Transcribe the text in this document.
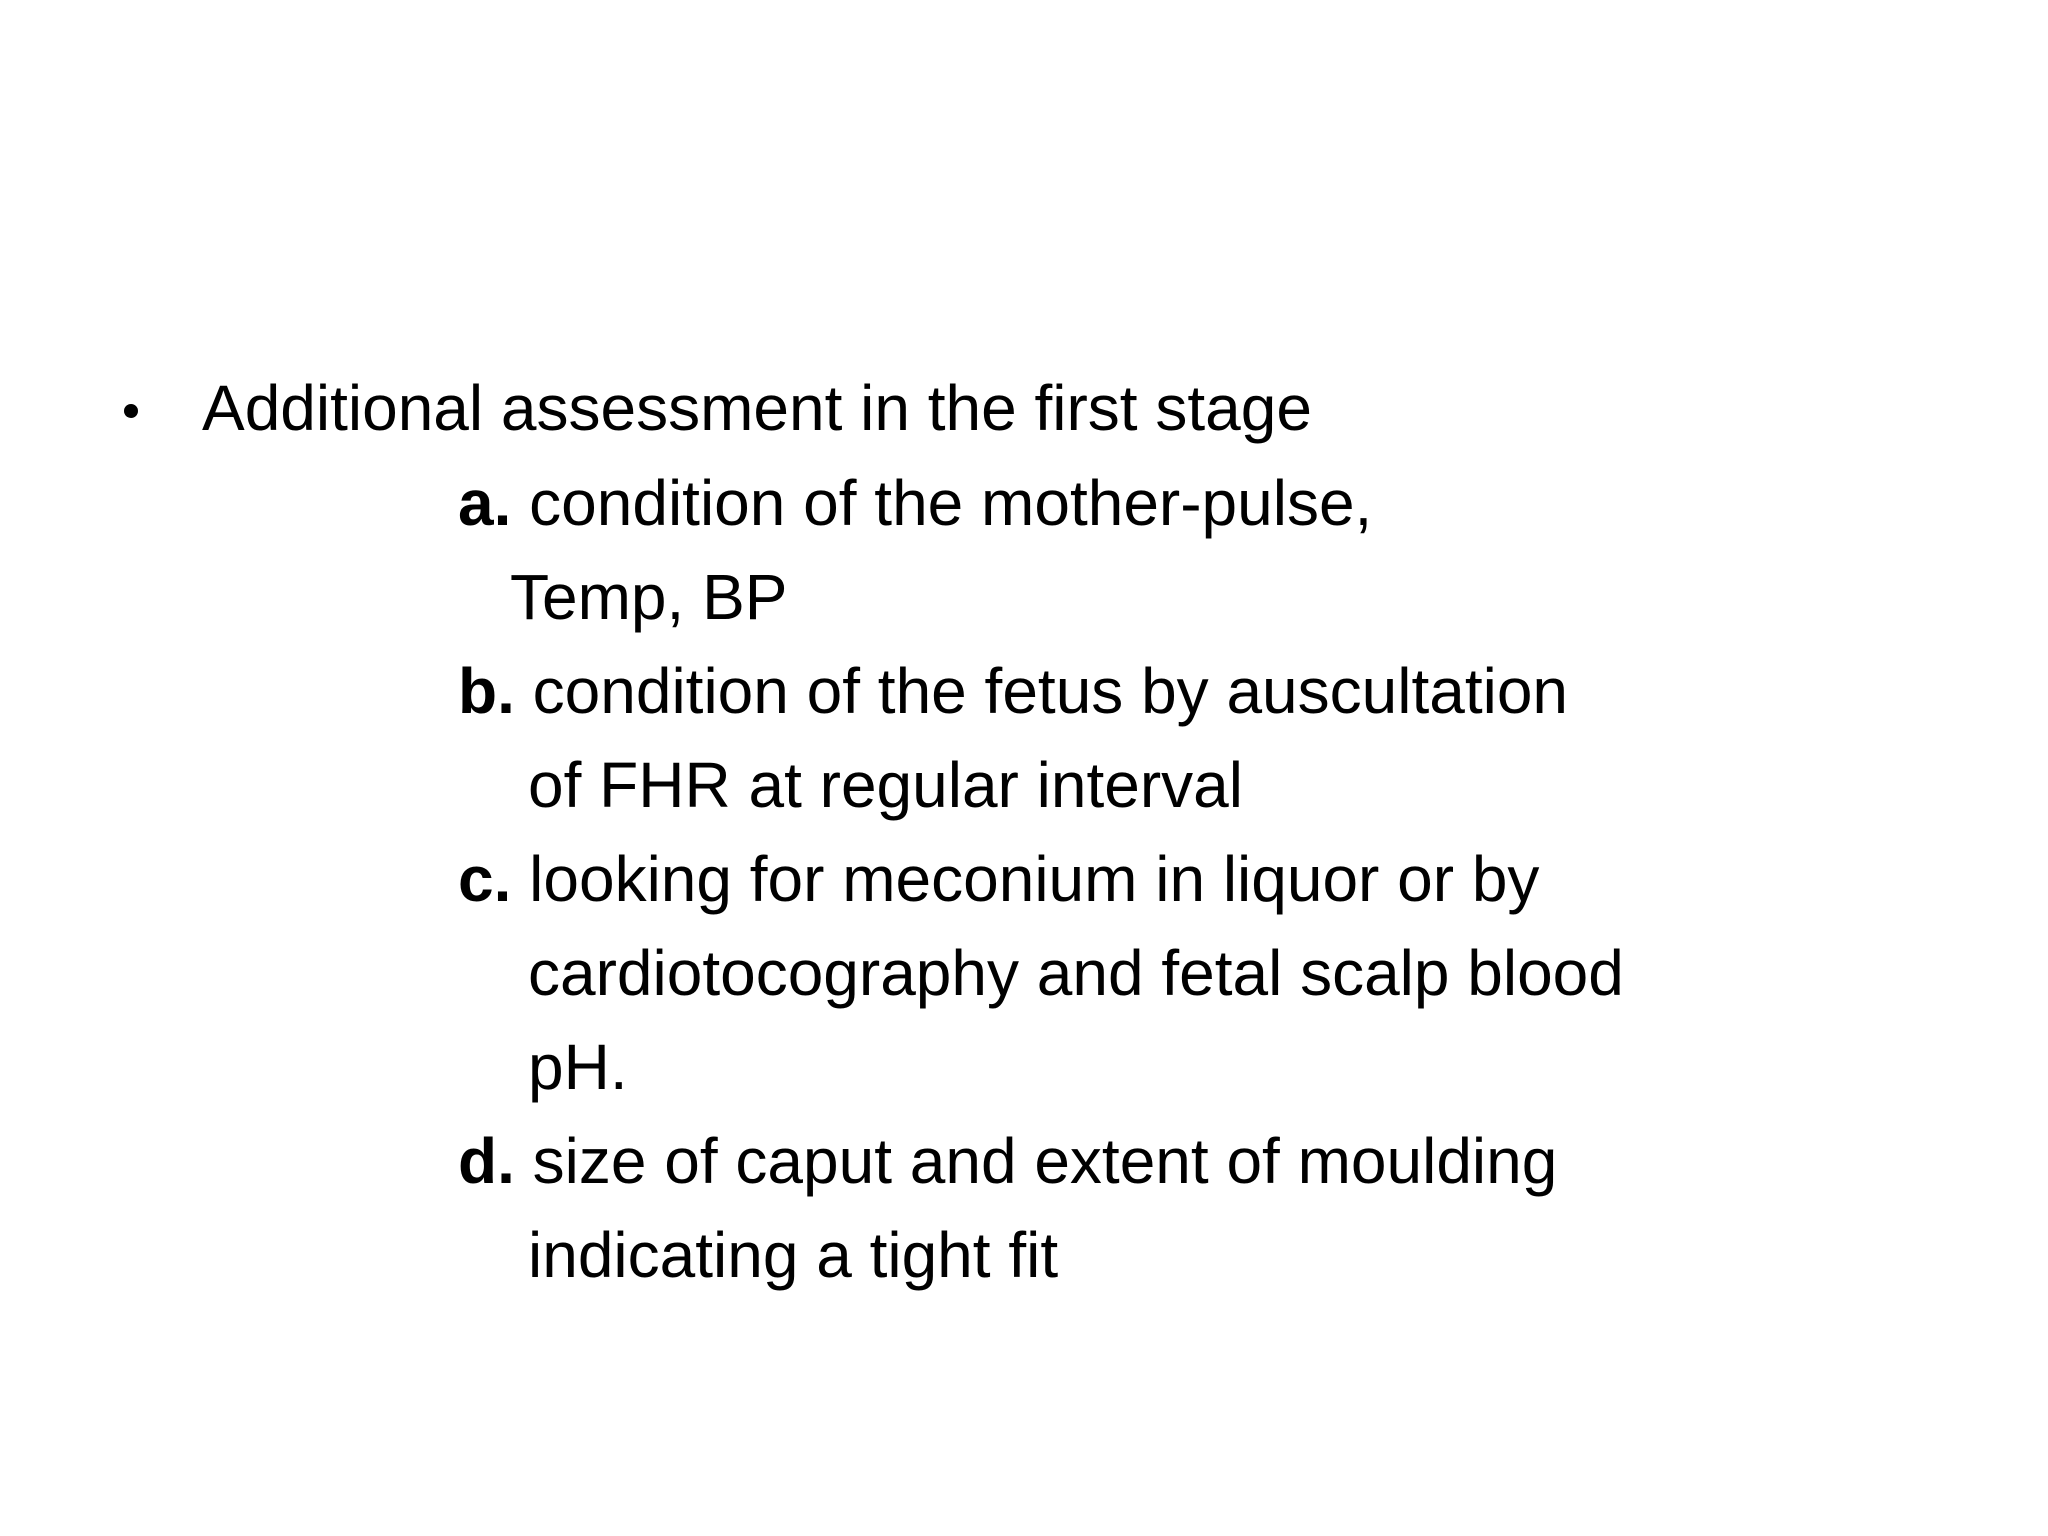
Additional assessment in the first stage
a. condition of the mother-pulse,
Temp, BP
b. condition of the fetus by auscultation
of FHR at regular interval
c. looking for meconium in liquor or by
cardiotocography and fetal scalp blood
pH.
d. size of caput and extent of moulding
indicating a tight fit
